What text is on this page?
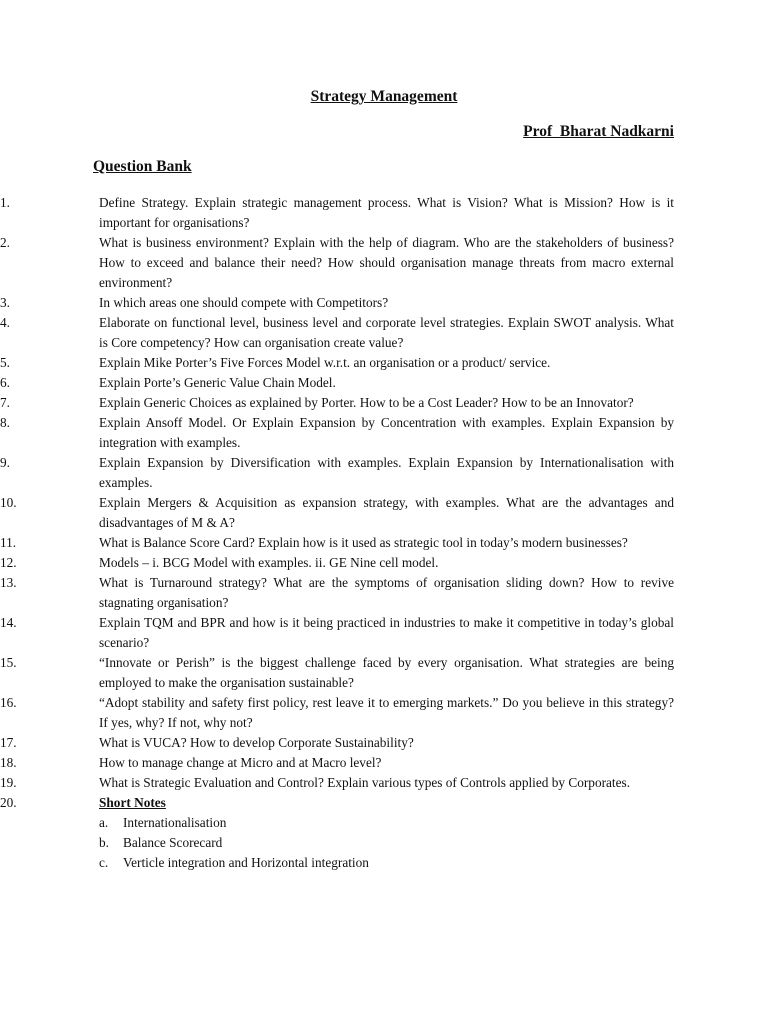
Strategy Management
Prof  Bharat Nadkarni
Question Bank
1.	Define Strategy. Explain strategic management process. What is Vision? What is Mission? How is it important for organisations?
2.	What is business environment? Explain with the help of diagram. Who are the stakeholders of business? How to exceed and balance their need? How should organisation manage threats from macro external environment?
3.	In which areas one should compete with Competitors?
4.	Elaborate on functional level, business level and corporate level strategies. Explain SWOT analysis. What is Core competency? How can organisation create value?
5.	Explain Mike Porter’s Five Forces Model w.r.t. an organisation or a product/ service.
6.	Explain Porte’s Generic Value Chain Model.
7.	Explain Generic Choices as explained by Porter. How to be a Cost Leader? How to be an Innovator?
8.	Explain Ansoff Model. Or Explain Expansion by Concentration with examples. Explain Expansion by integration with examples.
9.	Explain Expansion by Diversification with examples. Explain Expansion by Internationalisation with examples.
10.	Explain Mergers & Acquisition as expansion strategy, with examples. What are the advantages and disadvantages of M & A?
11.	What is Balance Score Card? Explain how is it used as strategic tool in today’s modern businesses?
12.	Models – i. BCG Model with examples. ii. GE Nine cell model.
13.	What is Turnaround strategy? What are the symptoms of organisation sliding down? How to revive stagnating organisation?
14.	Explain TQM and BPR and how is it being practiced in industries to make it competitive in today’s global scenario?
15.	“Innovate or Perish” is the biggest challenge faced by every organisation. What strategies are being employed to make the organisation sustainable?
16.	“Adopt stability and safety first policy, rest leave it to emerging markets.” Do you believe in this strategy? If yes, why? If not, why not?
17.	What is VUCA? How to develop Corporate Sustainability?
18.	How to manage change at Micro and at Macro level?
19.	What is Strategic Evaluation and Control? Explain various types of Controls applied by Corporates.
20.	Short Notes
a. Internationalisation
b. Balance Scorecard
c. Verticle integration and Horizontal integration
